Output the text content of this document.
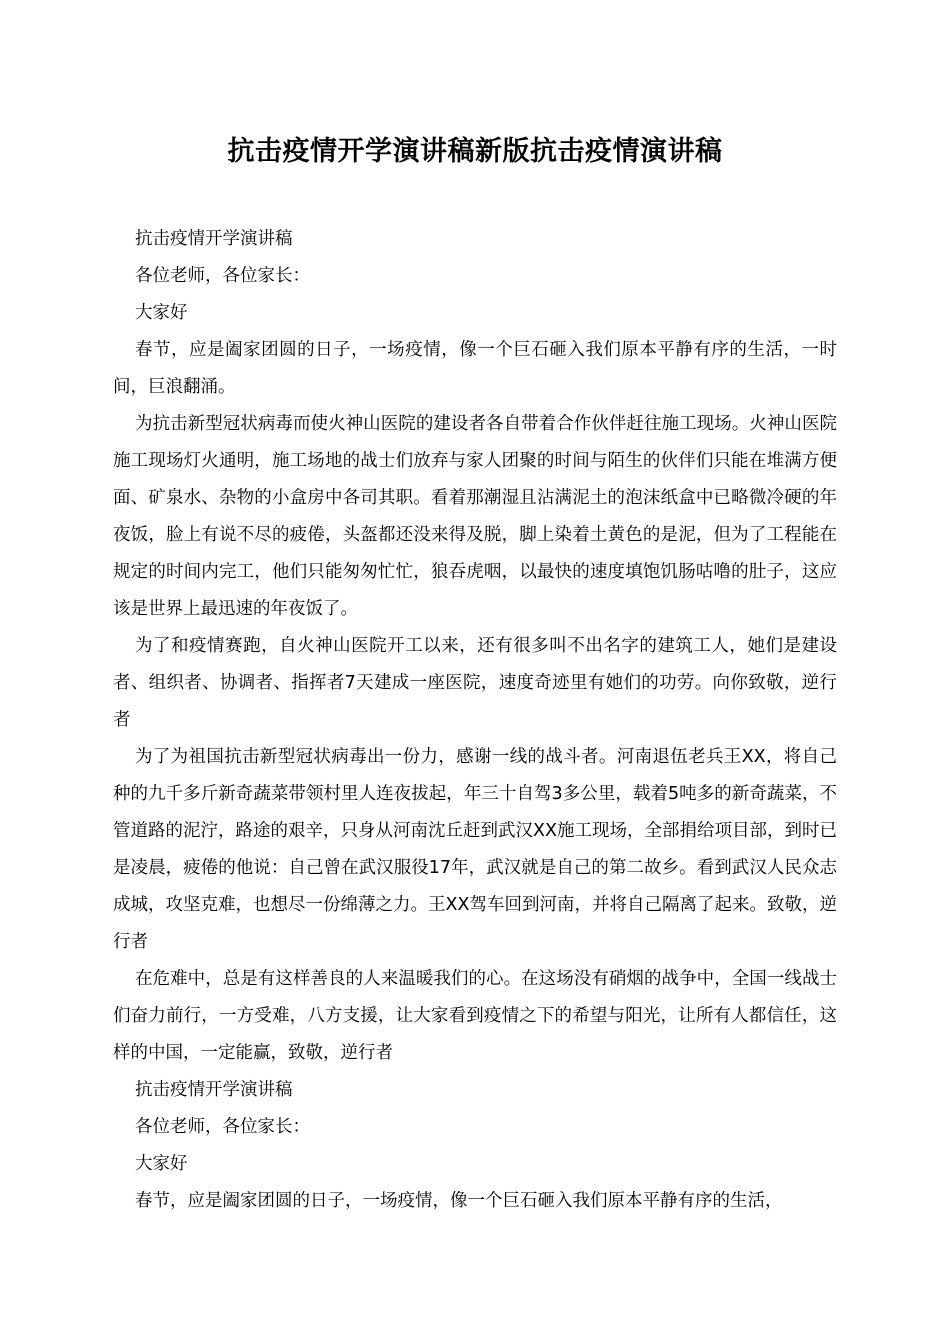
抗击疫情开学演讲稿新版抗击疫情演讲稿

抗击疫情开学演讲稿

各位老师，各位家长：

大家好

春节，应是阖家团圆的日子，一场疫情，像一个巨石砸入我们原本平静有序的生活，一时间，巨浪翻涌。

为抗击新型冠状病毒而使火神山医院的建设者各自带着合作伙伴赶往施工现场。火神山医院施工现场灯火通明，施工场地的战士们放弃与家人团聚的时间与陌生的伙伴们只能在堆满方便面、矿泉水、杂物的小盒房中各司其职。看着那潮湿且沾满泥土的泡沫纸盒中已略微冷硬的年夜饭，脸上有说不尽的疲倦，头盔都还没来得及脱，脚上染着土黄色的是泥，但为了工程能在规定的时间内完工，他们只能匆匆忙忙，狼吞虎咽，以最快的速度填饱饥肠咕噜的肚子，这应该是世界上最迅速的年夜饭了。

为了和疫情赛跑，自火神山医院开工以来，还有很多叫不出名字的建筑工人，她们是建设者、组织者、协调者、指挥者7天建成一座医院，速度奇迹里有她们的功劳。向你致敬，逆行者

为了为祖国抗击新型冠状病毒出一份力，感谢一线的战斗者。河南退伍老兵王XX，将自己种的九千多斤新奇蔬菜带领村里人连夜拔起，年三十自驾3多公里，载着5吨多的新奇蔬菜，不管道路的泥泞，路途的艰辛，只身从河南沈丘赶到武汉XX施工现场，全部捐给项目部，到时已是凌晨，疲倦的他说：自己曾在武汉服役17年，武汉就是自己的第二故乡。看到武汉人民众志成城，攻坚克难，也想尽一份绵薄之力。王XX驾车回到河南，并将自己隔离了起来。致敬，逆行者

在危难中，总是有这样善良的人来温暖我们的心。在这场没有硝烟的战争中，全国一线战士们奋力前行，一方受难，八方支援，让大家看到疫情之下的希望与阳光，让所有人都信任，这样的中国，一定能赢，致敬，逆行者

抗击疫情开学演讲稿

各位老师，各位家长：

大家好

春节，应是阖家团圆的日子，一场疫情，像一个巨石砸入我们原本平静有序的生活，
